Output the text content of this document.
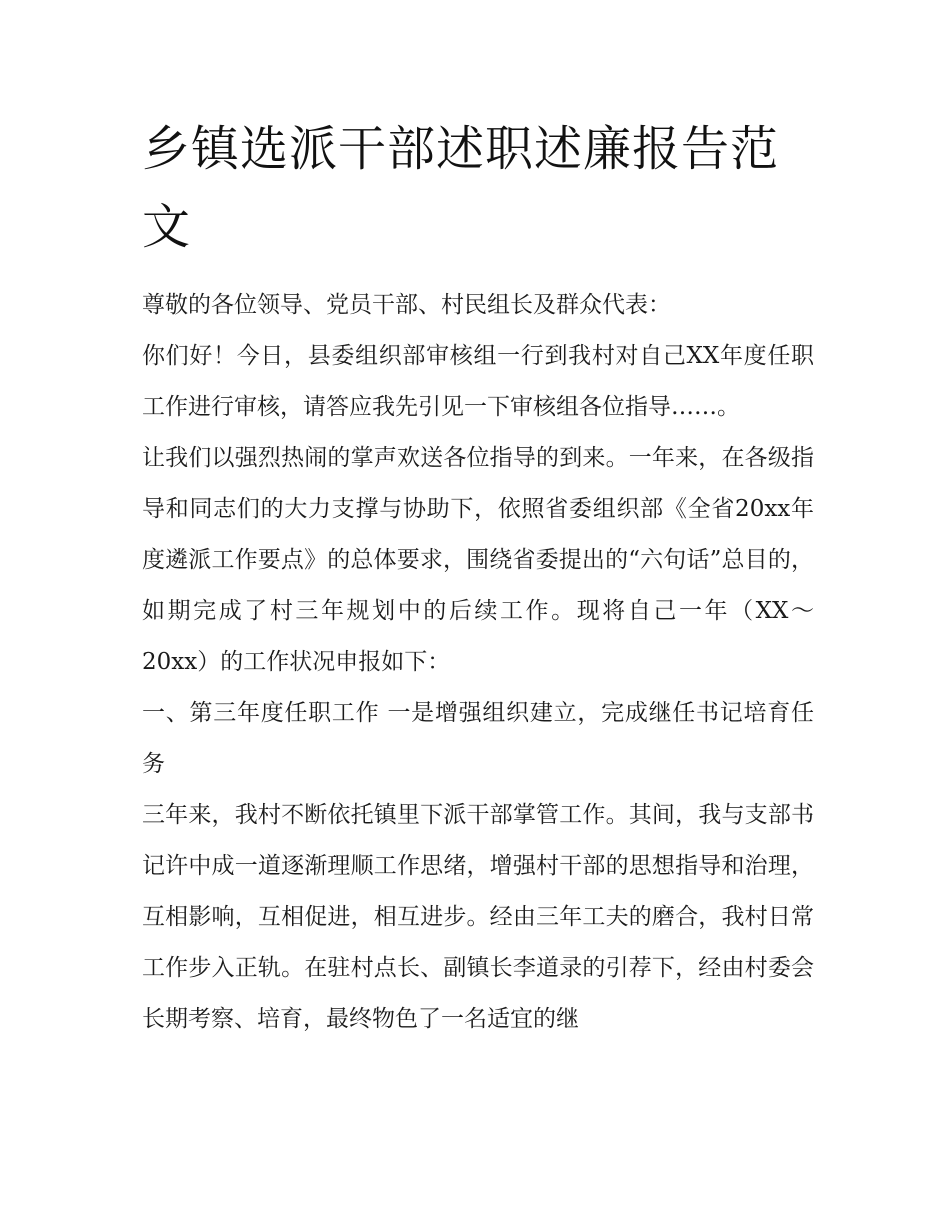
乡镇选派干部述职述廉报告范文

尊敬的各位领导、党员干部、村民组长及群众代表：

你们好！今日，县委组织部审核组一行到我村对自己XX年度任职工作进行审核，请答应我先引见一下审核组各位指导……。

让我们以强烈热闹的掌声欢送各位指导的到来。一年来，在各级指导和同志们的大力支撑与协助下，依照省委组织部《全省20xx年度遴派工作要点》的总体要求，围绕省委提出的“六句话”总目的，如期完成了村三年规划中的后续工作。现将自己一年（XX～20xx）的工作状况申报如下：

一、第三年度任职工作 一是增强组织建立，完成继任书记培育任务

三年来，我村不断依托镇里下派干部掌管工作。其间，我与支部书记许中成一道逐渐理顺工作思绪，增强村干部的思想指导和治理，互相影响，互相促进，相互进步。经由三年工夫的磨合，我村日常工作步入正轨。在驻村点长、副镇长李道录的引荐下，经由村委会长期考察、培育，最终物色了一名适宜的继
